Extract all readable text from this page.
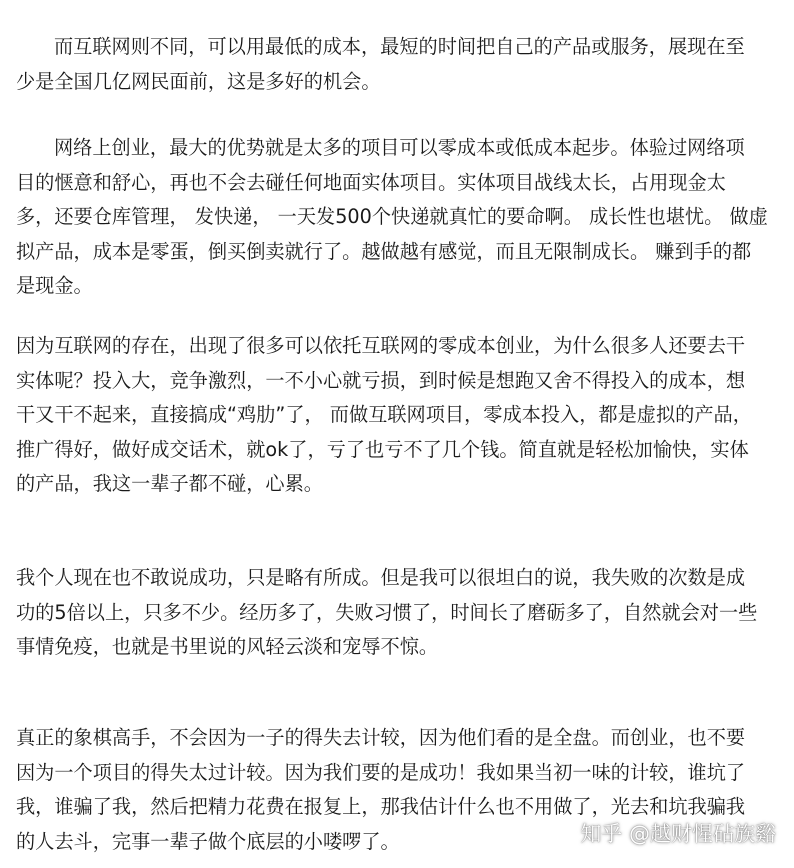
而互联网则不同，可以用最低的成本，最短的时间把自己的产品或服务，展现在至
少是全国几亿网民面前，这是多好的机会。

网络上创业，最大的优势就是太多的项目可以零成本或低成本起步。体验过网络项
目的惬意和舒心，再也不会去碰任何地面实体项目。实体项目战线太长，占用现金太
多，还要仓库管理， 发快递， 一天发500个快递就真忙的要命啊。 成长性也堪忧。 做虚
拟产品，成本是零蛋，倒买倒卖就行了。越做越有感觉，而且无限制成长。 赚到手的都
是现金。

因为互联网的存在，出现了很多可以依托互联网的零成本创业，为什么很多人还要去干
实体呢？投入大，竞争激烈，一不小心就亏损，到时候是想跑又舍不得投入的成本，想
干又干不起来，直接搞成“鸡肋”了， 而做互联网项目，零成本投入，都是虚拟的产品，
推广得好，做好成交话术，就ok了，亏了也亏不了几个钱。简直就是轻松加愉快，实体
的产品，我这一辈子都不碰，心累。

我个人现在也不敢说成功，只是略有所成。但是我可以很坦白的说，我失败的次数是成
功的5倍以上，只多不少。经历多了，失败习惯了，时间长了磨砺多了，自然就会对一些
事情免疫，也就是书里说的风轻云淡和宠辱不惊。

真正的象棋高手，不会因为一子的得失去计较，因为他们看的是全盘。而创业，也不要
因为一个项目的得失太过计较。因为我们要的是成功！我如果当初一味的计较，谁坑了
我，谁骗了我，然后把精力花费在报复上，那我估计什么也不用做了，光去和坑我骗我
的人去斗，完事一辈子做个底层的小喽啰了。	知乎 @越财惺砧族谿
